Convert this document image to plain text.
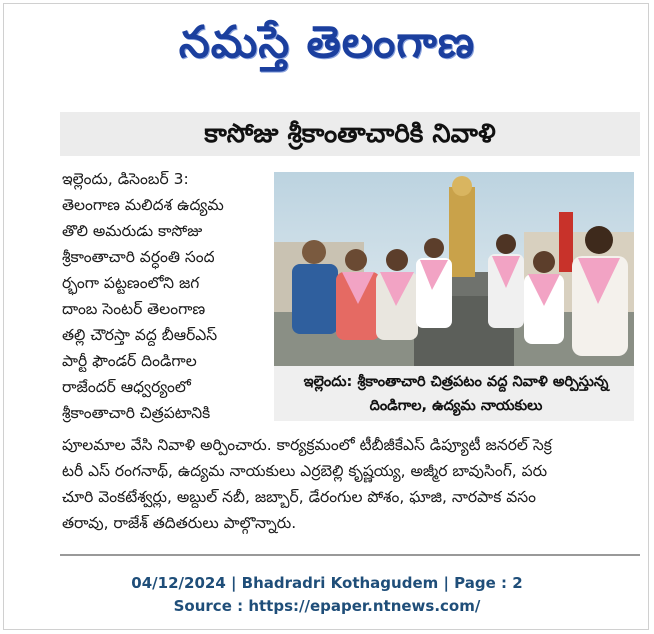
నమస్తే తెలంగాణ
కాసోజు శ్రీకాంతాచారికి నివాళి
ఇల్లెందు, డిసెంబర్ 3:
తెలంగాణ మలిదశ ఉద్యమ
తొలి అమరుడు కాసోజు
శ్రీకాంతాచారి వర్ధంతి సంద
ర్భంగా పట్టణంలోని జగ
దాంబ సెంటర్ తెలంగాణ
తల్లి చౌరస్తా వద్ద బీఆర్ఎస్
పార్టీ ఫౌండర్ దిండిగాల
రాజేందర్ ఆధ్వర్యంలో
శ్రీకాంతాచారి చిత్రపటానికి
ఇల్లెందు: శ్రీకాంతాచారి చిత్రపటం వద్ద నివాళి అర్పిస్తున్న దిండిగాల, ఉద్యమ నాయకులు
పూలమాల వేసి నివాళి అర్పించారు. కార్యక్రమంలో టీబీజీకేఎస్ డిప్యూటీ జనరల్ సెక్ర
టరీ ఎస్ రంగనాథ్, ఉద్యమ నాయకులు ఎర్రబెల్లి కృష్ణయ్య, అజ్మీర బావుసింగ్, పరు
చూరి వెంకటేశ్వర్లు, అబ్దుల్ నబీ, జబ్బార్, డేరంగుల పోశం, ఘాజి, నారపాక వసం
తరావు, రాజేశ్ తదితరులు పాల్గొన్నారు.
04/12/2024 | Bhadradri Kothagudem | Page : 2
Source : https://epaper.ntnews.com/
